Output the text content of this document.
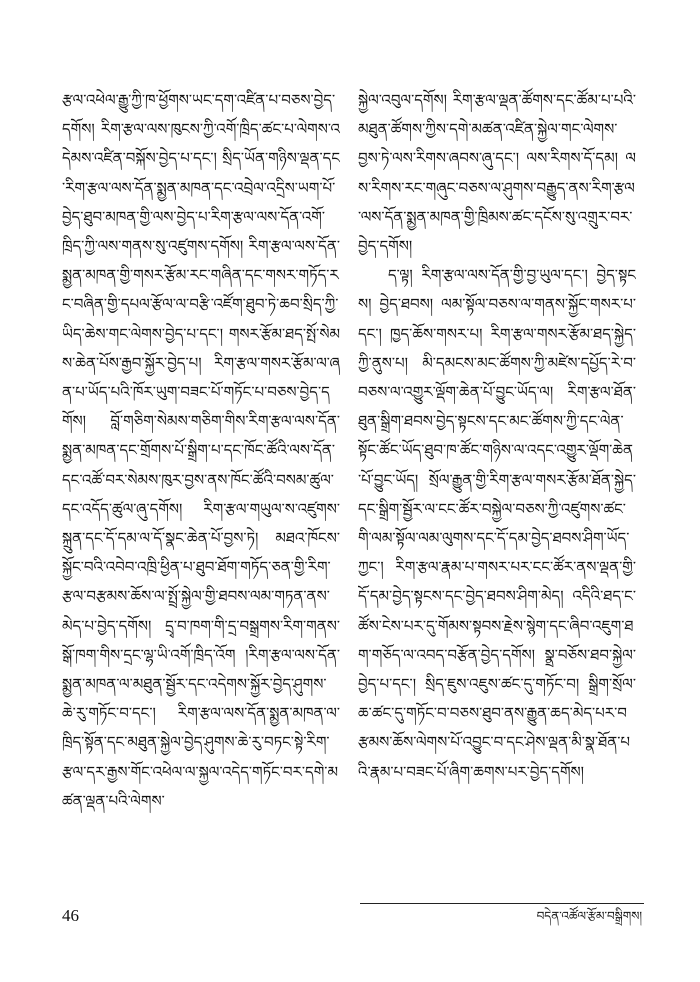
རྩལ་འཕེལ་རྒྱུ་ཀྱི་ཁ་ཕྱོགས་ཡང་དག་འཛིན་པ་བཅས་བྱེད་དགོས། རིག་རྩལ་ལས་ཁུངས་ཀྱི་འགོ་ཁྲིད་ཚང་པ་ལེགས་འདེམས་འཛིན་བསྐོས་བྱེད་པ་དང་། སྲིད་ཡོན་གཉིས་ལྡན་དང་རིག་རྩལ་ལས་དོན་སྨྱན་མཁན་དང་འབྲེལ་འདྲིས་ཡག་པོ་བྱེད་ཐུབ་མཁན་གྱི་ལས་བྱེད་པ་རིག་རྩལ་ལས་དོན་འགོ་ཁྲིད་ཀྱི་ལས་གནས་སུ་འཛུགས་དགོས། རིག་རྩལ་ལས་དོན་སྨྱན་མཁན་གྱི་གསར་རྩོམ་རང་གཞིན་དང་གསར་གཏོད་རང་བཞིན་གྱི་དཔལ་རྩོལ་ལ་བརྩི་འཛོག་ཐུབ་ཏེ་ཆབ་སྲིད་ཀྱི་ཡིད་ཆེས་གང་ལེགས་བྱེད་པ་དང་། གསར་རྩོམ་ཐད་སྤོ་སེམས་ཆེན་པོས་རྒྱབ་སྐྱོར་བྱེད་པ། རིག་རྩལ་གསར་རྩོམ་ལ་ཞན་པ་ཡོད་པའི་ཁོར་ཡུག་བཟང་པོ་གཏོང་པ་བཅས་བྱེད་དགོས། བློ་གཅིག་སེམས་གཅིག་གིས་རིག་རྩལ་ལས་དོན་སྨྱན་མཁན་དང་གྲོགས་པོ་སྒྲིག་པ་དང་ཁོང་ཚོའི་ལས་དོན་དང་འཚོ་བར་སེམས་ཁུར་བྱས་ནས་ཁོང་ཚོའི་བསམ་ཚུལ་དང་འདོད་ཚུལ་ཞུ་དགོས། རིག་རྩལ་གཡུལ་ས་འཛུགས་སྐྲུན་དང་དོ་དམ་ལ་དོ་སྣང་ཆེན་པོ་བྱས་ཏེ། མཐའ་ཁོངས་སྐྱོང་བའི་འབེབ་འཁྲི་ཕྱིན་པ་ཐུབ་ཐོག་གཏོད་ཅན་གྱི་རིག་རྩལ་བརྩམས་ཆོས་ལ་སྤྲོ་སྐྱེལ་གྱི་ཐབས་ལམ་གཏན་ནས་མེད་པ་བྱེད་དགོས། དྲྭ་བ་ཁག་གི་དྲ་བསྒྲགས་རིག་གནས་སྒོ་ཁག་གིས་དྲང་ལྷ་ཡི་འགོ་ཁྲིད་འོག །རིག་རྩལ་ལས་དོན་སྨྱན་མཁན་ལ་མཐུན་སྦྱོར་དང་འདེགས་སྐྱོར་བྱེད་ཤུགས་ཆེ་རུ་གཏོང་བ་དང་། རིག་རྩལ་ལས་དོན་སྨྱན་མཁན་ལ་ཁྲིད་སྟོན་དང་མཐུན་སྐྱེལ་བྱེད་ཤུགས་ཆེ་རུ་བཏང་སྟེ་རིག་རྩལ་དར་རྒྱས་གོང་འཕེལ་ལ་སྐྱལ་འདེད་གཏོང་བར་དགེ་མཚན་ལྡན་པའི་ལེགས་

སྐྱེལ་འབུལ་དགོས། རིག་རྩལ་ལྡན་ཚོགས་དང་ཚོམ་པ་པའི་མཐུན་ཚོགས་ཀྱིས་དགེ་མཚན་འཛིན་སྐྱེལ་གང་ལེགས་བྱས་ཏེ་ལས་རིགས་ཞབས་ཞུ་དང་། ལས་རིགས་དོ་དམ། ལས་རིགས་རང་གཞུང་བཅས་ལ་ཤུགས་བརྒྱུད་ནས་རིག་རྩལ་ལས་དོན་སྨྱན་མཁན་གྱི་ཁྲིམས་ཚང་དངོས་སུ་འགྲུར་བར་བྱེད་དགོས།

ད་ལྟ། རིག་རྩལ་ལས་དོན་གྱི་བྱ་ཡུལ་དང་། བྱེད་སྟངས། བྱེད་ཐབས། ལམ་སྟོལ་བཅས་ལ་གནས་སྐྱོང་གསར་པ་དང་། ཁྱད་ཆོས་གསར་པ། རིག་རྩལ་གསར་རྩོམ་ཐད་སྐྱེད་ཀྱི་ནུས་པ། མི་དམངས་མང་ཚོགས་ཀྱི་མཛེས་དཔྱོད་རེ་བ་བཅས་ལ་འགྱུར་ལྡོག་ཆེན་པོ་བྱུང་ཡོད་ལ། རིག་རྩལ་ཐོན་ཐུན་སྒྲིག་ཐབས་བྱེད་སྟངས་དང་མང་ཚོགས་ཀྱི་དང་ལེན་སྟོང་ཚོང་ཡོད་ཐུབ་ཁ་ཚོང་གཉིས་ལ་འདང་འགྱུར་ལྡོག་ཆེན་པོ་བྱུང་ཡོད། སྲོལ་རྒྱུན་གྱི་རིག་རྩལ་གསར་རྩོམ་ཐོན་སྐྱེད་དང་སྒྲིག་སྦྱོར་ལ་ངང་ཚོར་བསྐྱེལ་བཅས་ཀྱི་འཛུགས་ཚང་གི་ལམ་སྟོལ་ལམ་ལུགས་དང་དོ་དམ་བྱེད་ཐབས་ཤིག་ཡོད་ཀྱང་། རིག་རྩལ་རྣམ་པ་གསར་པར་ངང་ཚོར་ནས་ལྡན་གྱི་དོ་དམ་བྱེད་སྟངས་དང་བྱེད་ཐབས་ཤིག་མེད། འདིའི་ཐད་ང་ཚོས་ངེས་པར་དུ་གོམས་སྟབས་རྗེས་སྙེག་དང་ཞིབ་འཇུག་ཐག་གཅོད་ལ་འབད་བརྩོན་བྱེད་དགོས། སྣྲ་བཅོས་ཐབ་སྐྱེལ་བྱེད་པ་དང་། སྲིད་ཇུས་འཇུས་ཚང་དུ་གཏོང་བ། སྒྲིག་སྲོལ་ཆ་ཚང་དུ་གཏོང་བ་བཅས་ཐུབ་ནས་རྒྱུན་ཆད་མེད་པར་བརྩམས་ཆོས་ལེགས་པོ་འབྱུང་བ་དང་ཤེས་ལྡན་མི་སྣ་ཐོན་པའི་རྣམ་པ་བཟང་པོ་ཞིག་ཆགས་པར་བྱེད་དགོས།

46	བདེན་འཚོལ་རྩོམ་བསྒྲིགས།
